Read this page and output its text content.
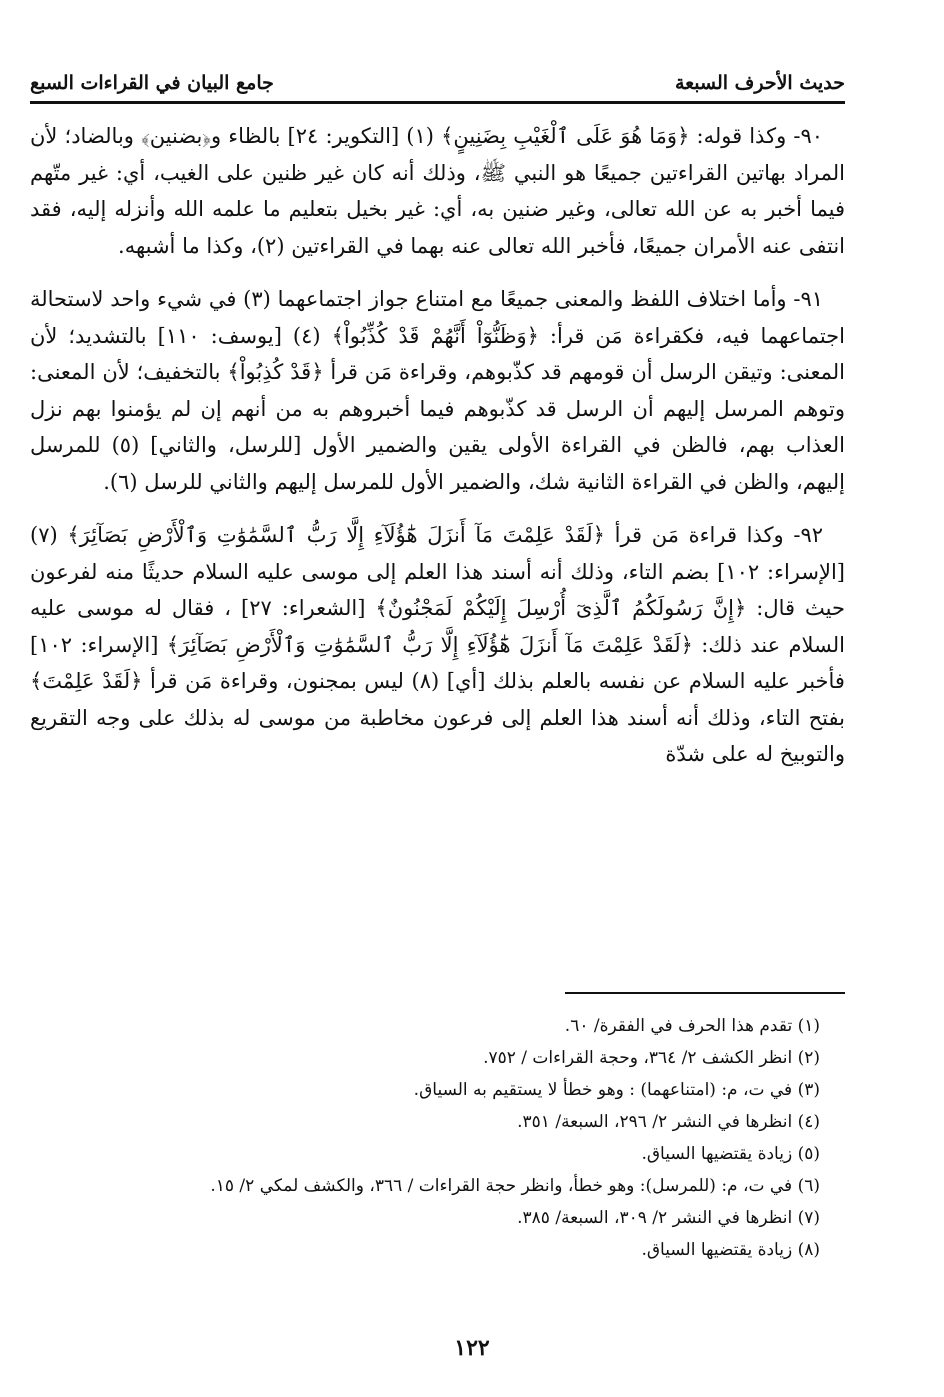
حديث الأحرف السبعة
جامع البيان في القراءات السبع

٩٠- وكذا قوله: ﴿وَمَا هُوَ عَلَى ٱلْغَيْبِ بِضَنِينٍ﴾ (١) [التكوير: ٢٤] بالظاء و﴿بضنين﴾ وبالضاد؛ لأن المراد بهاتين القراءتين جميعًا هو النبي ﷺ، وذلك أنه كان غير ظنين على الغيب، أي: غير متّهم فيما أخبر به عن الله تعالى، وغير ضنين به، أي: غير بخيل بتعليم ما علمه الله وأنزله إليه، فقد انتفى عنه الأمران جميعًا، فأخبر الله تعالى عنه بهما في القراءتين (٢)، وكذا ما أشبهه.

٩١- وأما اختلاف اللفظ والمعنى جميعًا مع امتناع جواز اجتماعهما (٣) في شيء واحد لاستحالة اجتماعهما فيه، فكقراءة مَن قرأ: ﴿وَظَنُّوٓاْ أَنَّهُمْ قَدْ كُذِّبُواْ﴾ (٤) [يوسف: ١١٠] بالتشديد؛ لأن المعنى: وتيقن الرسل أن قومهم قد كذّبوهم، وقراءة مَن قرأ ﴿قَدْ كُذِبُواْ﴾ بالتخفيف؛ لأن المعنى: وتوهم المرسل إليهم أن الرسل قد كذّبوهم فيما أخبروهم به من أنهم إن لم يؤمنوا بهم نزل العذاب بهم، فالظن في القراءة الأولى يقين والضمير الأول [للرسل، والثاني] (٥) للمرسل إليهم، والظن في القراءة الثانية شك، والضمير الأول للمرسل إليهم والثاني للرسل (٦).

٩٢- وكذا قراءة مَن قرأ ﴿لَقَدْ عَلِمْتَ مَآ أَنزَلَ هَٰٓؤُلَآءِ إِلَّا رَبُّ ٱلسَّمَٰوَٰتِ وَٱلْأَرْضِ بَصَآئِرَ﴾ (٧) [الإسراء: ١٠٢] بضم التاء، وذلك أنه أسند هذا العلم إلى موسى عليه السلام حديثًا منه لفرعون حيث قال: ﴿إِنَّ رَسُولَكُمُ ٱلَّذِىٓ أُرْسِلَ إِلَيْكُمْ لَمَجْنُونٌ﴾ [الشعراء: ٢٧] ، فقال له موسى عليه السلام عند ذلك: ﴿لَقَدْ عَلِمْتَ مَآ أَنزَلَ هَٰٓؤُلَآءِ إِلَّا رَبُّ ٱلسَّمَٰوَٰتِ وَٱلْأَرْضِ بَصَآئِرَ﴾ [الإسراء: ١٠٢] فأخبر عليه السلام عن نفسه بالعلم بذلك [أي] (٨) ليس بمجنون، وقراءة مَن قرأ ﴿لَقَدْ عَلِمْتَ﴾ بفتح التاء، وذلك أنه أسند هذا العلم إلى فرعون مخاطبة من موسى له بذلك على وجه التقريع والتوبيخ له على شدّة

(١) تقدم هذا الحرف في الفقرة/ ٦٠.

(٢) انظر الكشف ٢/ ٣٦٤، وحجة القراءات / ٧٥٢.

(٣) في ت، م: (امتناعهما) : وهو خطأ لا يستقيم به السياق.

(٤) انظرها في النشر ٢/ ٢٩٦، السبعة/ ٣٥١.

(٥) زيادة يقتضيها السياق.

(٦) في ت، م: (للمرسل): وهو خطأ، وانظر حجة القراءات / ٣٦٦، والكشف لمكي ٢/ ١٥.

(٧) انظرها في النشر ٢/ ٣٠٩، السبعة/ ٣٨٥.

(٨) زيادة يقتضيها السياق.

١٢٢
